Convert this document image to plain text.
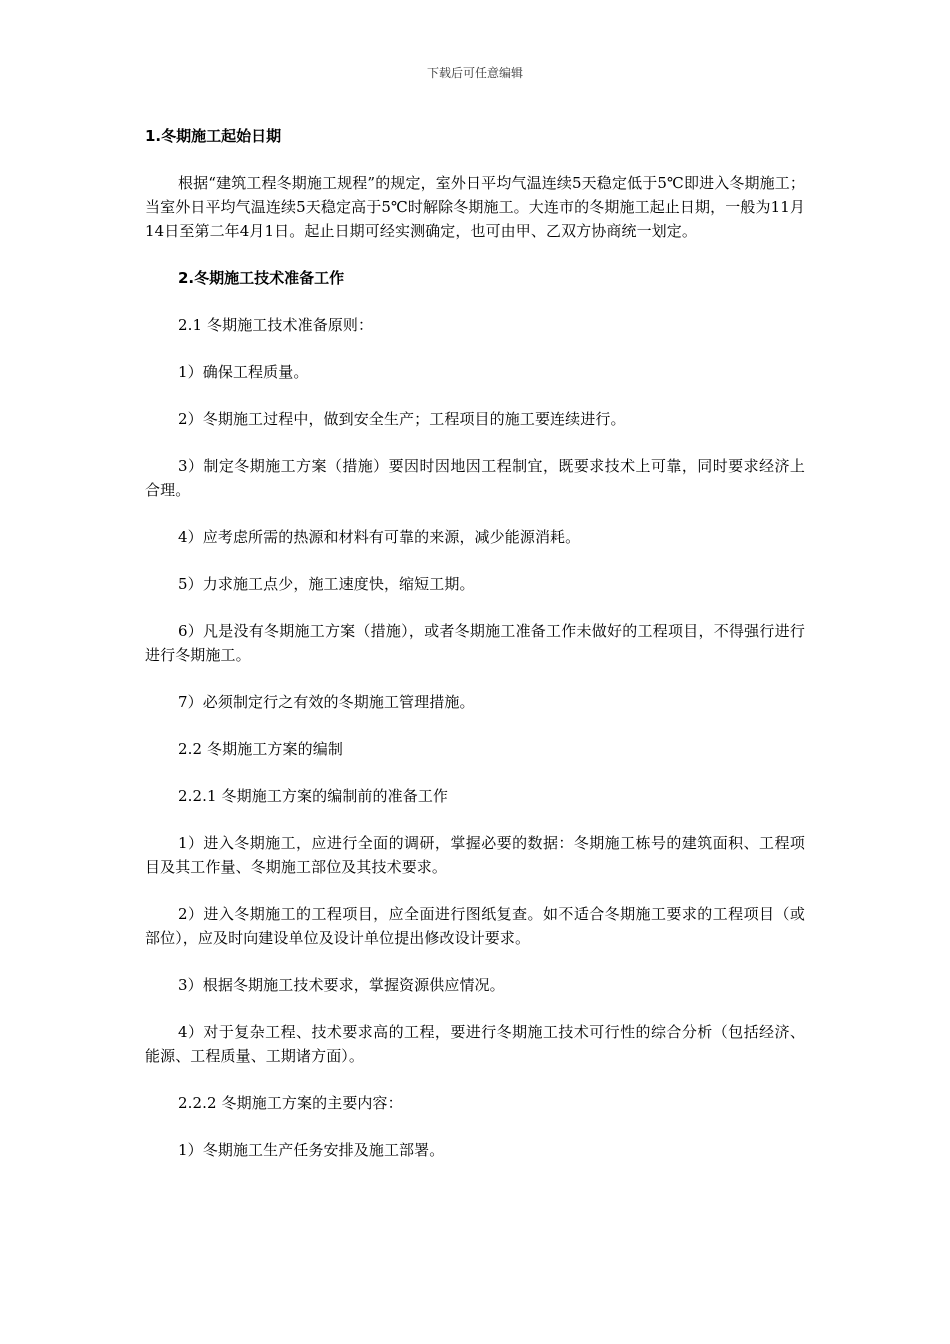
下载后可任意编辑
1.冬期施工起始日期
根据“建筑工程冬期施工规程”的规定，室外日平均气温连续5天稳定低于5℃即进入冬期施工；当室外日平均气温连续5天稳定高于5℃时解除冬期施工。大连市的冬期施工起止日期，一般为11月14日至第二年4月1日。起止日期可经实测确定，也可由甲、乙双方协商统一划定。
2.冬期施工技术准备工作
2.1 冬期施工技术准备原则：
1）确保工程质量。
2）冬期施工过程中，做到安全生产；工程项目的施工要连续进行。
3）制定冬期施工方案（措施）要因时因地因工程制宜，既要求技术上可靠，同时要求经济上合理。
4）应考虑所需的热源和材料有可靠的来源，减少能源消耗。
5）力求施工点少，施工速度快，缩短工期。
6）凡是没有冬期施工方案（措施），或者冬期施工准备工作未做好的工程项目，不得强行进行进行冬期施工。
7）必须制定行之有效的冬期施工管理措施。
2.2 冬期施工方案的编制
2.2.1 冬期施工方案的编制前的准备工作
1）进入冬期施工，应进行全面的调研，掌握必要的数据：冬期施工栋号的建筑面积、工程项目及其工作量、冬期施工部位及其技术要求。
2）进入冬期施工的工程项目，应全面进行图纸复查。如不适合冬期施工要求的工程项目（或部位），应及时向建设单位及设计单位提出修改设计要求。
3）根据冬期施工技术要求，掌握资源供应情况。
4）对于复杂工程、技术要求高的工程，要进行冬期施工技术可行性的综合分析（包括经济、能源、工程质量、工期诸方面）。
2.2.2 冬期施工方案的主要内容：
1）冬期施工生产任务安排及施工部署。
